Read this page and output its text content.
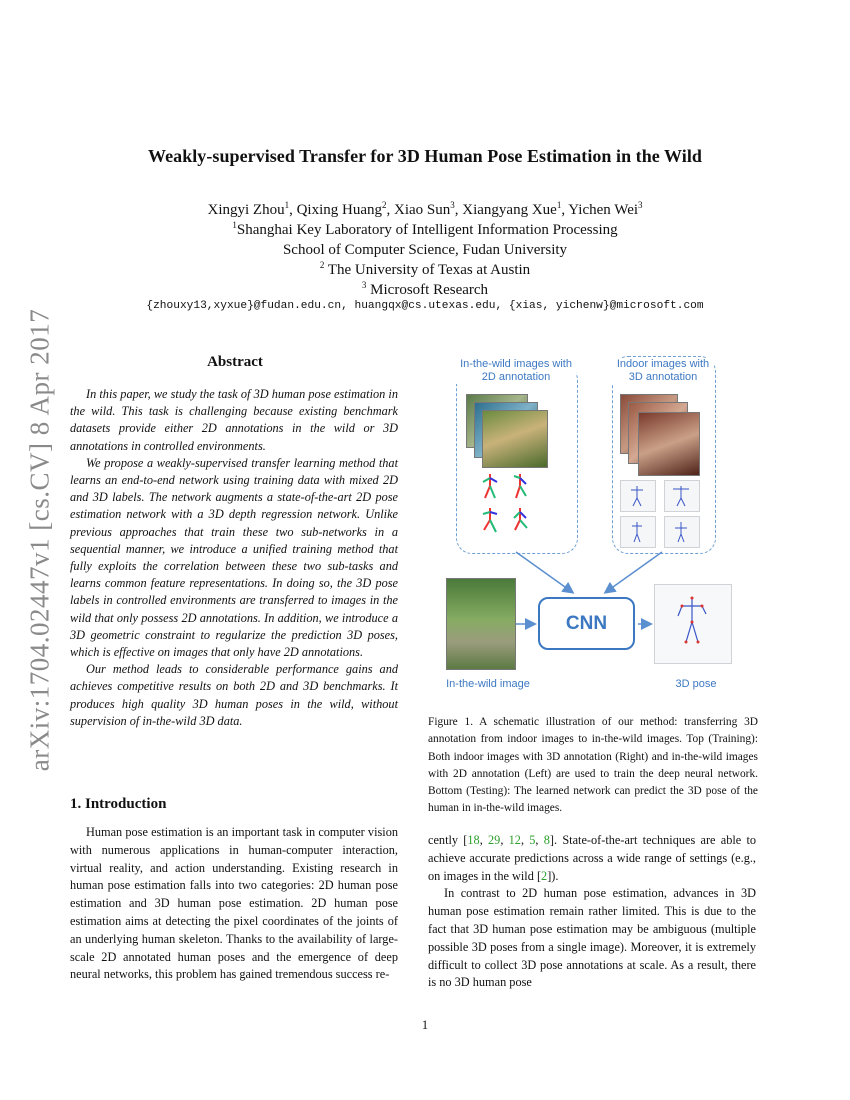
arXiv:1704.02447v1 [cs.CV] 8 Apr 2017
Weakly-supervised Transfer for 3D Human Pose Estimation in the Wild
Xingyi Zhou$^1$, Qixing Huang$^2$, Xiao Sun$^3$, Xiangyang Xue$^1$, Yichen Wei$^3$
$^1$Shanghai Key Laboratory of Intelligent Information Processing
School of Computer Science, Fudan University
$^2$ The University of Texas at Austin
$^3$ Microsoft Research
{zhouxy13,xyxue}@fudan.edu.cn, huangqx@cs.utexas.edu, {xias, yichenw}@microsoft.com
Abstract

In this paper, we study the task of 3D human pose estimation in the wild. This task is challenging because existing benchmark datasets provide either 2D annotations in the wild or 3D annotations in controlled environments.

We propose a weakly-supervised transfer learning method that learns an end-to-end network using training data with mixed 2D and 3D labels. The network augments a state-of-the-art 2D pose estimation network with a 3D depth regression network. Unlike previous approaches that train these two sub-networks in a sequential manner, we introduce a unified training method that fully exploits the correlation between these two sub-tasks and learns common feature representations. In doing so, the 3D pose labels in controlled environments are transferred to images in the wild that only possess 2D annotations. In addition, we introduce a 3D geometric constraint to regularize the prediction 3D poses, which is effective on images that only have 2D annotations.

Our method leads to considerable performance gains and achieves competitive results on both 2D and 3D benchmarks. It produces high quality 3D human poses in the wild, without supervision of in-the-wild 3D data.

In-the-wild images with 2D annotation
Indoor images with 3D annotation
CNN
In-the-wild image	3D pose
Figure 1. A schematic illustration of our method: transferring 3D annotation from indoor images to in-the-wild images. Top (Training): Both indoor images with 3D annotation (Right) and in-the-wild images with 2D annotation (Left) are used to train the deep neural network. Bottom (Testing): The learned network can predict the 3D pose of the human in in-the-wild images.
1. Introduction

Human pose estimation is an important task in computer vision with numerous applications in human-computer interaction, virtual reality, and action understanding. Existing research in human pose estimation falls into two categories: 2D human pose estimation and 3D human pose estimation. 2D human pose estimation aims at detecting the pixel coordinates of the joints of an underlying human skeleton. Thanks to the availability of large-scale 2D annotated human poses and the emergence of deep neural networks, this problem has gained tremendous success re-

cently [18, 29, 12, 5, 8]. State-of-the-art techniques are able to achieve accurate predictions across a wide range of settings (e.g., on images in the wild [2]).

In contrast to 2D human pose estimation, advances in 3D human pose estimation remain rather limited. This is due to the fact that 3D human pose estimation may be ambiguous (multiple possible 3D poses from a single image). Moreover, it is extremely difficult to collect 3D pose annotations at scale. As a result, there is no 3D human pose

1
